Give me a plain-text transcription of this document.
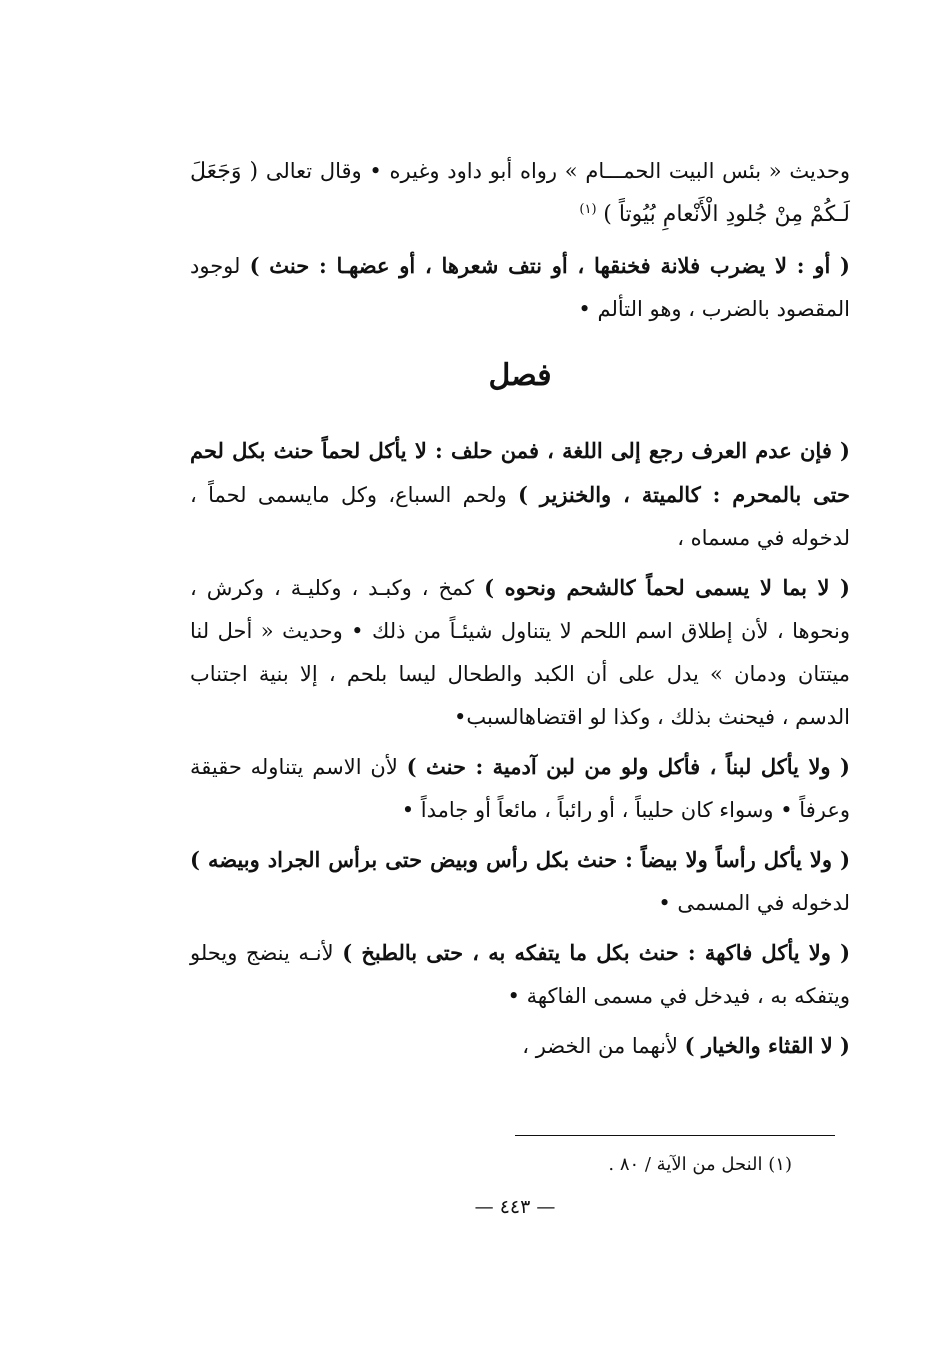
وحديث « بئس البيت الحمـــام » رواه أبو داود وغيره • وقال تعالى ( وَجَعَلَ لَـكُمْ مِنْ جُلودِ الْأَنْعامِ بُيُوتاً ) $^{(١)}$

( أو : لا يضرب فلانة فخنقها ، أو نتف شعرها ، أو عضهـا : حنث ) لوجود المقصود بالضرب ، وهو التألم •

فصل

( فإن عدم العرف رجع إلى اللغة ، فمن حلف : لا يأكل لحماً حنث بكل لحم حتى بالمحرم : كالميتة ، والخنزير ) ولحم السباع، وكل مايسمى لحماً ، لدخوله في مسماه ،

( لا بما لا يسمى لحماً كالشحم ونحوه ) كمخ ، وكبـد ، وكليـة ، وكرش ، ونحوها ، لأن إطلاق اسم اللحم لا يتناول شيئـاً من ذلك • وحديث « أحل لنا ميتتان ودمان » يدل على أن الكبد والطحال ليسا بلحم ، إلا بنية اجتناب الدسم ، فيحنث بذلك ، وكذا لو اقتضاهالسبب•

( ولا يأكل لبناً ، فأكل ولو من لبن آدمية : حنث ) لأن الاسم يتناوله حقيقة وعرفاً • وسواء كان حليباً ، أو رائباً ، مائعاً أو جامداً •

( ولا يأكل رأساً ولا بيضاً : حنث بكل رأس وبيض حتى برأس الجراد وبيضه ) لدخوله في المسمى •

( ولا يأكل فاكهة : حنث بكل ما يتفكه به ، حتى بالطبخ ) لأنـه ينضج ويحلو ويتفكه به ، فيدخل في مسمى الفاكهة •

( لا القثاء والخيار ) لأنهما من الخضر ،

(١) النحل من الآية / ٨٠ .
— ٤٤٣ —
